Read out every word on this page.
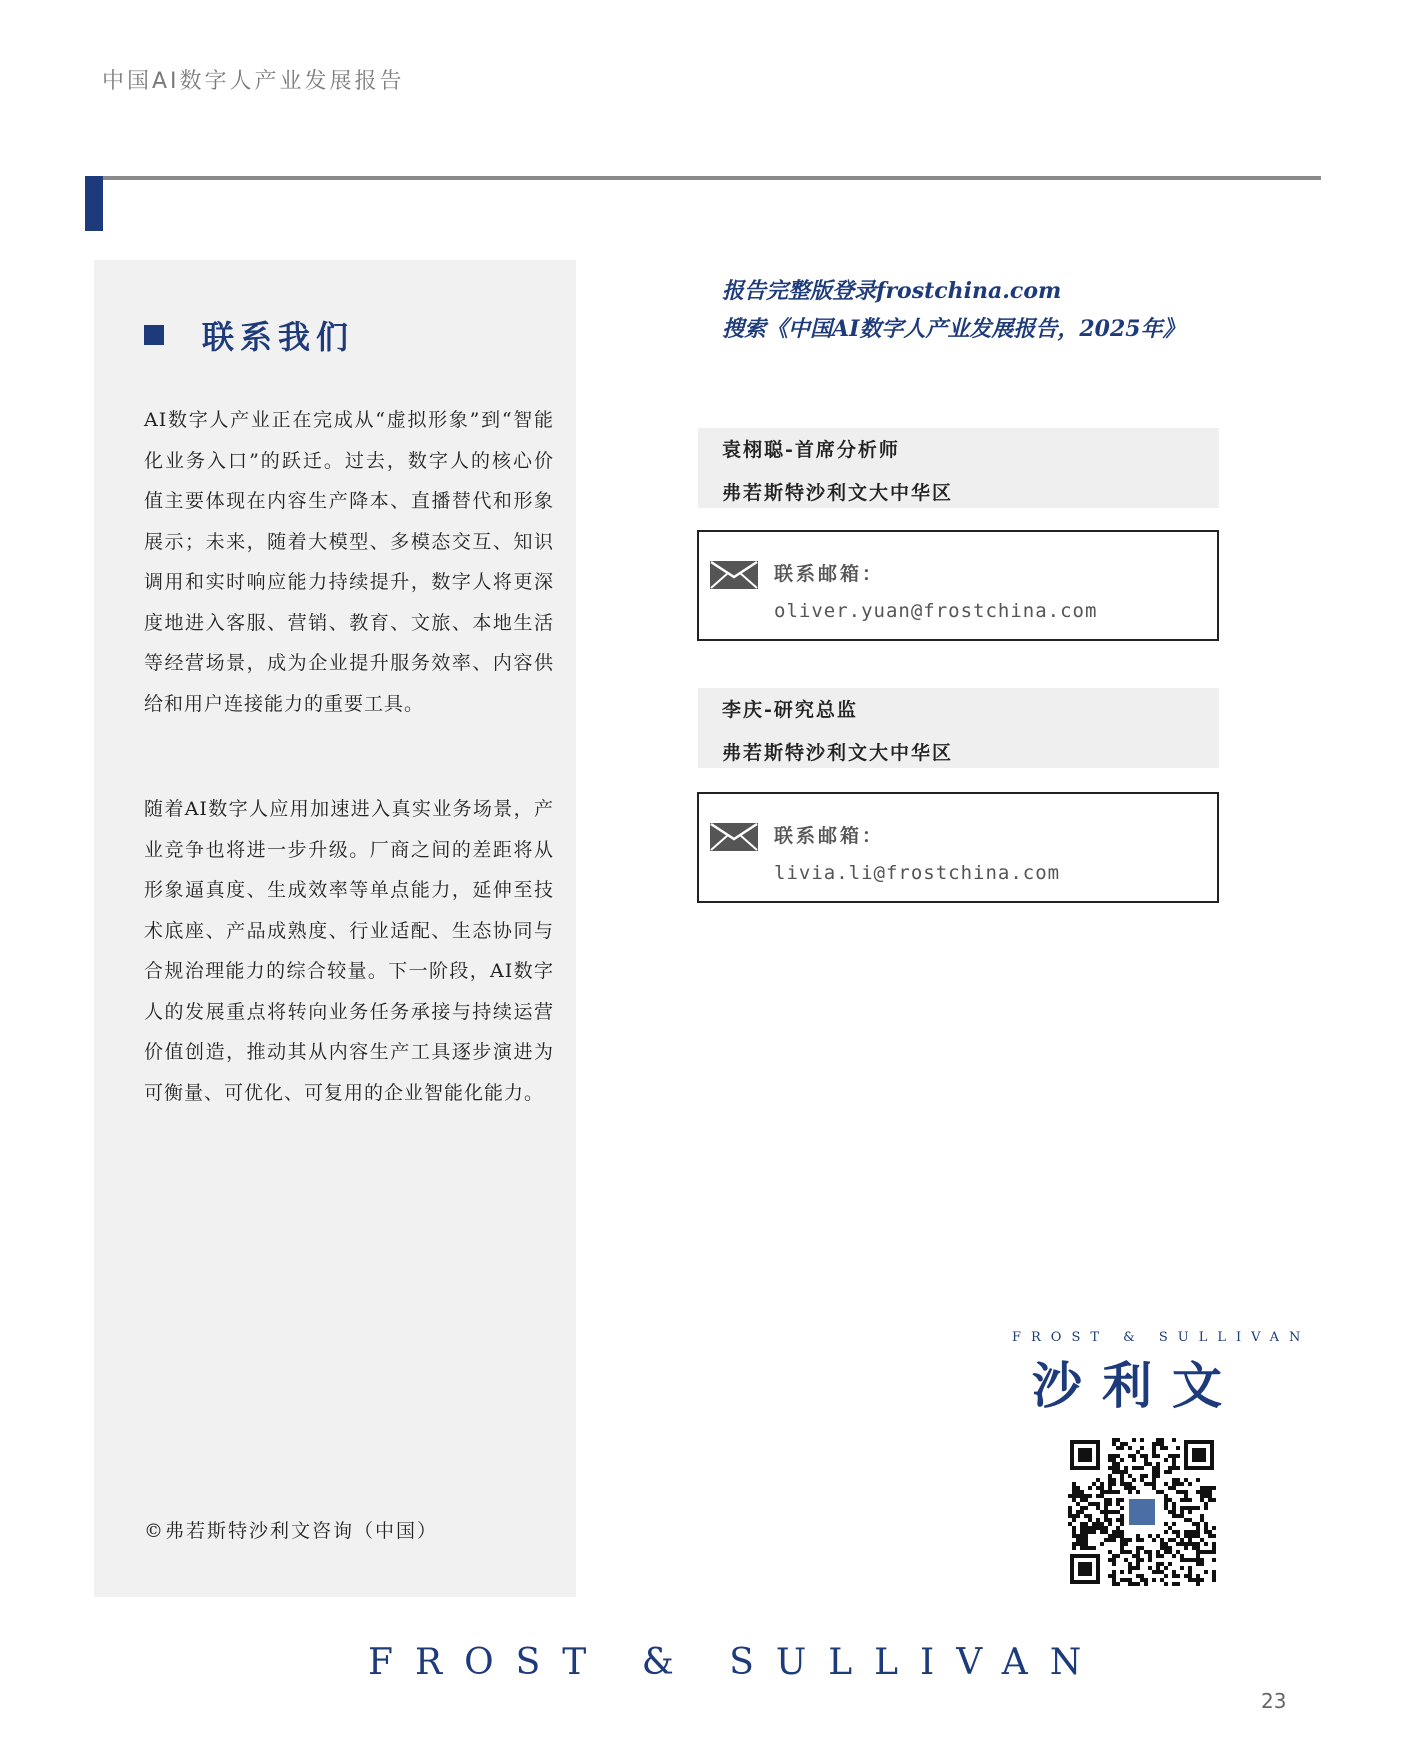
中国AI数字人产业发展报告
联系我们

AI数字人产业正在完成从“虚拟形象”到“智能化业务入口”的跃迁。过去，数字人的核心价值主要体现在内容生产降本、直播替代和形象展示；未来，随着大模型、多模态交互、知识调用和实时响应能力持续提升，数字人将更深度地进入客服、营销、教育、文旅、本地生活等经营场景，成为企业提升服务效率、内容供给和用户连接能力的重要工具。

随着AI数字人应用加速进入真实业务场景，产业竞争也将进一步升级。厂商之间的差距将从形象逼真度、生成效率等单点能力，延伸至技术底座、产品成熟度、行业适配、生态协同与合规治理能力的综合较量。下一阶段，AI数字人的发展重点将转向业务任务承接与持续运营价值创造，推动其从内容生产工具逐步演进为可衡量、可优化、可复用的企业智能化能力。

©弗若斯特沙利文咨询（中国）
报告完整版登录frostchina.com
搜索《中国AI数字人产业发展报告，2025年》
袁栩聪-首席分析师
弗若斯特沙利文大中华区
联系邮箱：
oliver.yuan@frostchina.com
李庆-研究总监
弗若斯特沙利文大中华区
联系邮箱：
livia.li@frostchina.com
FROST & SULLIVAN
沙利文
FROST & SULLIVAN
23
